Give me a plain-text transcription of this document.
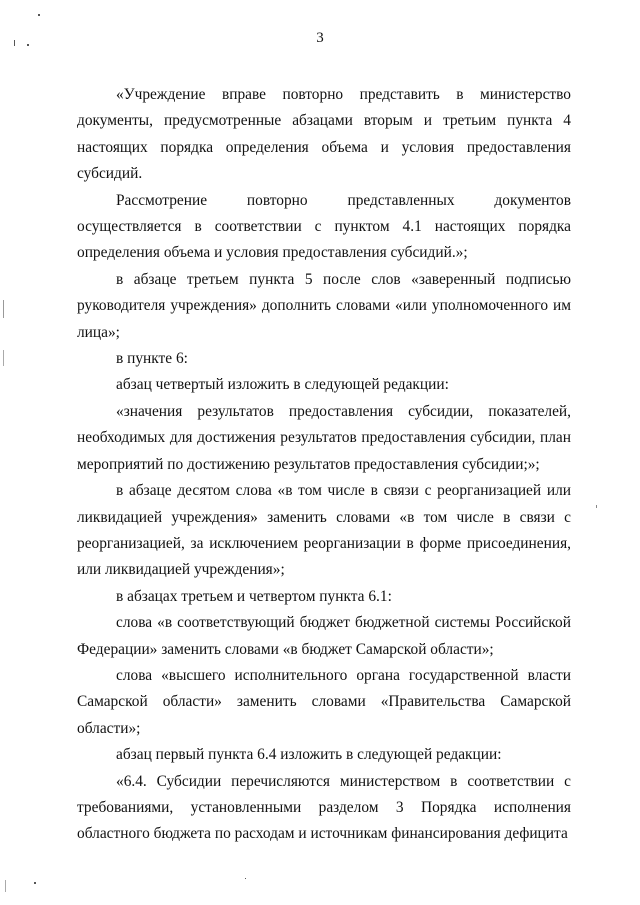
3

«Учреждение вправе повторно представить в министерство документы, предусмотренные абзацами вторым и третьим пункта 4 настоящих порядка определения объема и условия предоставления субсидий.

Рассмотрение повторно представленных документов осуществляется в соответствии с пунктом 4.1 настоящих порядка определения объема и условия предоставления субсидий.»;

в абзаце третьем пункта 5 после слов «заверенный подписью руководителя учреждения» дополнить словами «или уполномоченного им лица»;

в пункте 6:

абзац четвертый изложить в следующей редакции:

«значения результатов предоставления субсидии, показателей, необходимых для достижения результатов предоставления субсидии, план мероприятий по достижению результатов предоставления субсидии;»;

в абзаце десятом слова «в том числе в связи с реорганизацией или ликвидацией учреждения» заменить словами «в том числе в связи с реорганизацией, за исключением реорганизации в форме присоединения, или ликвидацией учреждения»;

в абзацах третьем и четвертом пункта 6.1:

слова «в соответствующий бюджет бюджетной системы Российской Федерации» заменить словами «в бюджет Самарской области»;

слова «высшего исполнительного органа государственной власти Самарской области» заменить словами «Правительства Самарской области»;

абзац первый пункта 6.4 изложить в следующей редакции:

«6.4. Субсидии перечисляются министерством в соответствии с требованиями, установленными разделом 3 Порядка исполнения областного бюджета по расходам и источникам финансирования дефицита
